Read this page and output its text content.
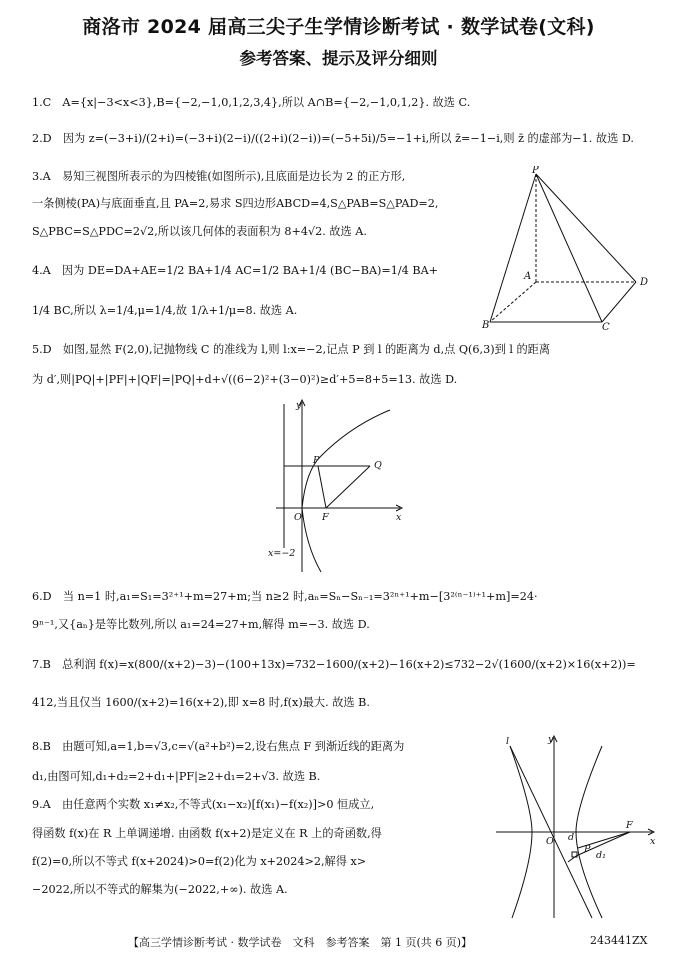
商洛市 2024 届高三尖子生学情诊断考试 · 数学试卷(文科)
参考答案、提示及评分细则
1.C　A={x|−3<x<3},B={−2,−1,0,1,2,3,4},所以 A∩B={−2,−1,0,1,2}. 故选 C.
2.D　因为 z=(−3+i)/(2+i)=(−3+i)(2−i)/((2+i)(2−i))=(−5+5i)/5=−1+i,所以 z̄=−1−i,则 z̄ 的虚部为−1. 故选 D.
3.A　易知三视图所表示的为四棱锥(如图所示),且底面是边长为 2 的正方形,
一条侧棱(PA)与底面垂直,且 PA=2,易求 S四边形ABCD=4,S△PAB=S△PAD=2,
S△PBC=S△PDC=2√2,所以该几何体的表面积为 8+4√2. 故选 A.
4.A　因为 DE=DA+AE=1/2 BA+1/4 AC=1/2 BA+1/4 (BC−BA)=1/4 BA+
1/4 BC,所以 λ=1/4,μ=1/4,故 1/λ+1/μ=8. 故选 A.
5.D　如图,显然 F(2,0),记抛物线 C 的准线为 l,则 l:x=−2,记点 P 到 l 的距离为 d,点 Q(6,3)到 l 的距离
为 d′,则|PQ|+|PF|+|QF|=|PQ|+d+√((6−2)²+(3−0)²)≥d′+5=8+5=13. 故选 D.
6.D　当 n=1 时,a₁=S₁=3²⁺¹+m=27+m;当 n≥2 时,aₙ=Sₙ−Sₙ₋₁=3²ⁿ⁺¹+m−[3²⁽ⁿ⁻¹⁾⁺¹+m]=24·
9ⁿ⁻¹,又{aₙ}是等比数列,所以 a₁=24=27+m,解得 m=−3. 故选 D.
7.B　总利润 f(x)=x(800/(x+2)−3)−(100+13x)=732−1600/(x+2)−16(x+2)≤732−2√(1600/(x+2)×16(x+2))=
412,当且仅当 1600/(x+2)=16(x+2),即 x=8 时,f(x)最大. 故选 B.
8.B　由题可知,a=1,b=√3,c=√(a²+b²)=2,设右焦点 F 到渐近线的距离为
d₁,由图可知,d₁+d₂=2+d₁+|PF|≥2+d₁=2+√3. 故选 B.
9.A　由任意两个实数 x₁≠x₂,不等式(x₁−x₂)[f(x₁)−f(x₂)]>0 恒成立,
得函数 f(x)在 R 上单调递增. 由函数 f(x+2)是定义在 R 上的奇函数,得
f(2)=0,所以不等式 f(x+2024)>0=f(2)化为 x+2024>2,解得 x>
−2022,所以不等式的解集为(−2022,+∞). 故选 A.
P
A
B	C
D
y
x
O
P
F
Q
x=−2
y
x
O
l
d
P
F
d₁
【高三学情诊断考试 · 数学试卷　文科　参考答案　第 1 页(共 6 页)】	243441ZX
